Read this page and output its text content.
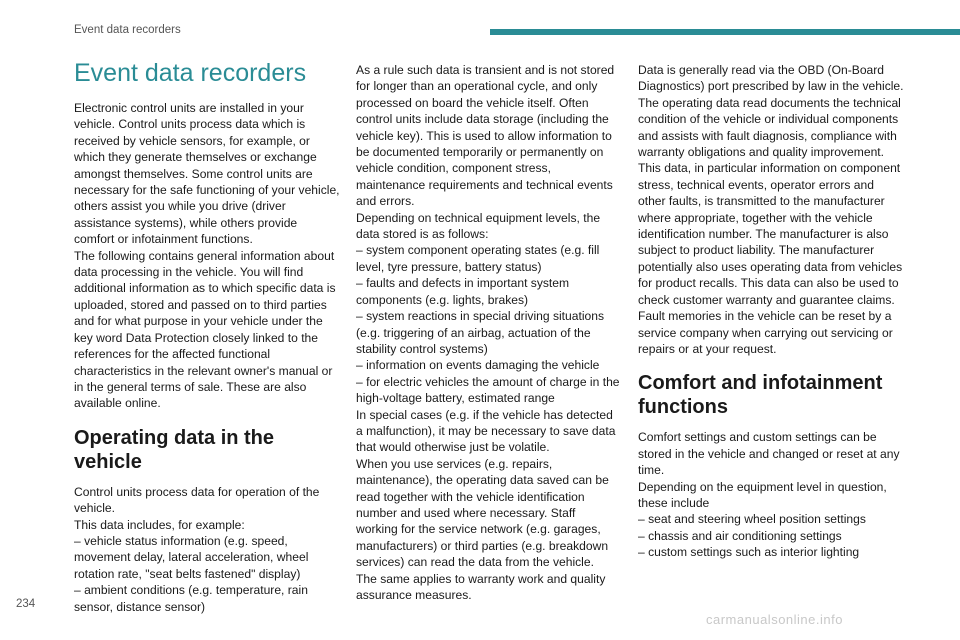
Event data recorders
Event data recorders

Electronic control units are installed in your vehicle. Control units process data which is received by vehicle sensors, for example, or which they generate themselves or exchange amongst themselves. Some control units are necessary for the safe functioning of your vehicle, others assist you while you drive (driver assistance systems), while others provide comfort or infotainment functions.

The following contains general information about data processing in the vehicle. You will find additional information as to which specific data is uploaded, stored and passed on to third parties and for what purpose in your vehicle under the key word Data Protection closely linked to the references for the affected functional characteristics in the relevant owner's manual or in the general terms of sale. These are also available online.

Operating data in the vehicle

Control units process data for operation of the vehicle.

This data includes, for example:

– vehicle status information (e.g. speed, movement delay, lateral acceleration, wheel rotation rate, "seat belts fastened" display)

– ambient conditions (e.g. temperature, rain sensor, distance sensor)

As a rule such data is transient and is not stored for longer than an operational cycle, and only processed on board the vehicle itself. Often control units include data storage (including the vehicle key). This is used to allow information to be documented temporarily or permanently on vehicle condition, component stress, maintenance requirements and technical events and errors.

Depending on technical equipment levels, the data stored is as follows:

– system component operating states (e.g. fill level, tyre pressure, battery status)

– faults and defects in important system components (e.g. lights, brakes)

– system reactions in special driving situations (e.g. triggering of an airbag, actuation of the stability control systems)

– information on events damaging the vehicle

– for electric vehicles the amount of charge in the high-voltage battery, estimated range

In special cases (e.g. if the vehicle has detected a malfunction), it may be necessary to save data that would otherwise just be volatile.

When you use services (e.g. repairs, maintenance), the operating data saved can be read together with the vehicle identification number and used where necessary. Staff working for the service network (e.g. garages, manufacturers) or third parties (e.g. breakdown services) can read the data from the vehicle.

The same applies to warranty work and quality assurance measures.

Data is generally read via the OBD (On-Board Diagnostics) port prescribed by law in the vehicle. The operating data read documents the technical condition of the vehicle or individual components and assists with fault diagnosis, compliance with warranty obligations and quality improvement. This data, in particular information on component stress, technical events, operator errors and other faults, is transmitted to the manufacturer where appropriate, together with the vehicle identification number. The manufacturer is also subject to product liability. The manufacturer potentially also uses operating data from vehicles for product recalls. This data can also be used to check customer warranty and guarantee claims.

Fault memories in the vehicle can be reset by a service company when carrying out servicing or repairs or at your request.

Comfort and infotainment functions

Comfort settings and custom settings can be stored in the vehicle and changed or reset at any time.

Depending on the equipment level in question, these include

– seat and steering wheel position settings

– chassis and air conditioning settings

– custom settings such as interior lighting

234
carmanualsonline.info
